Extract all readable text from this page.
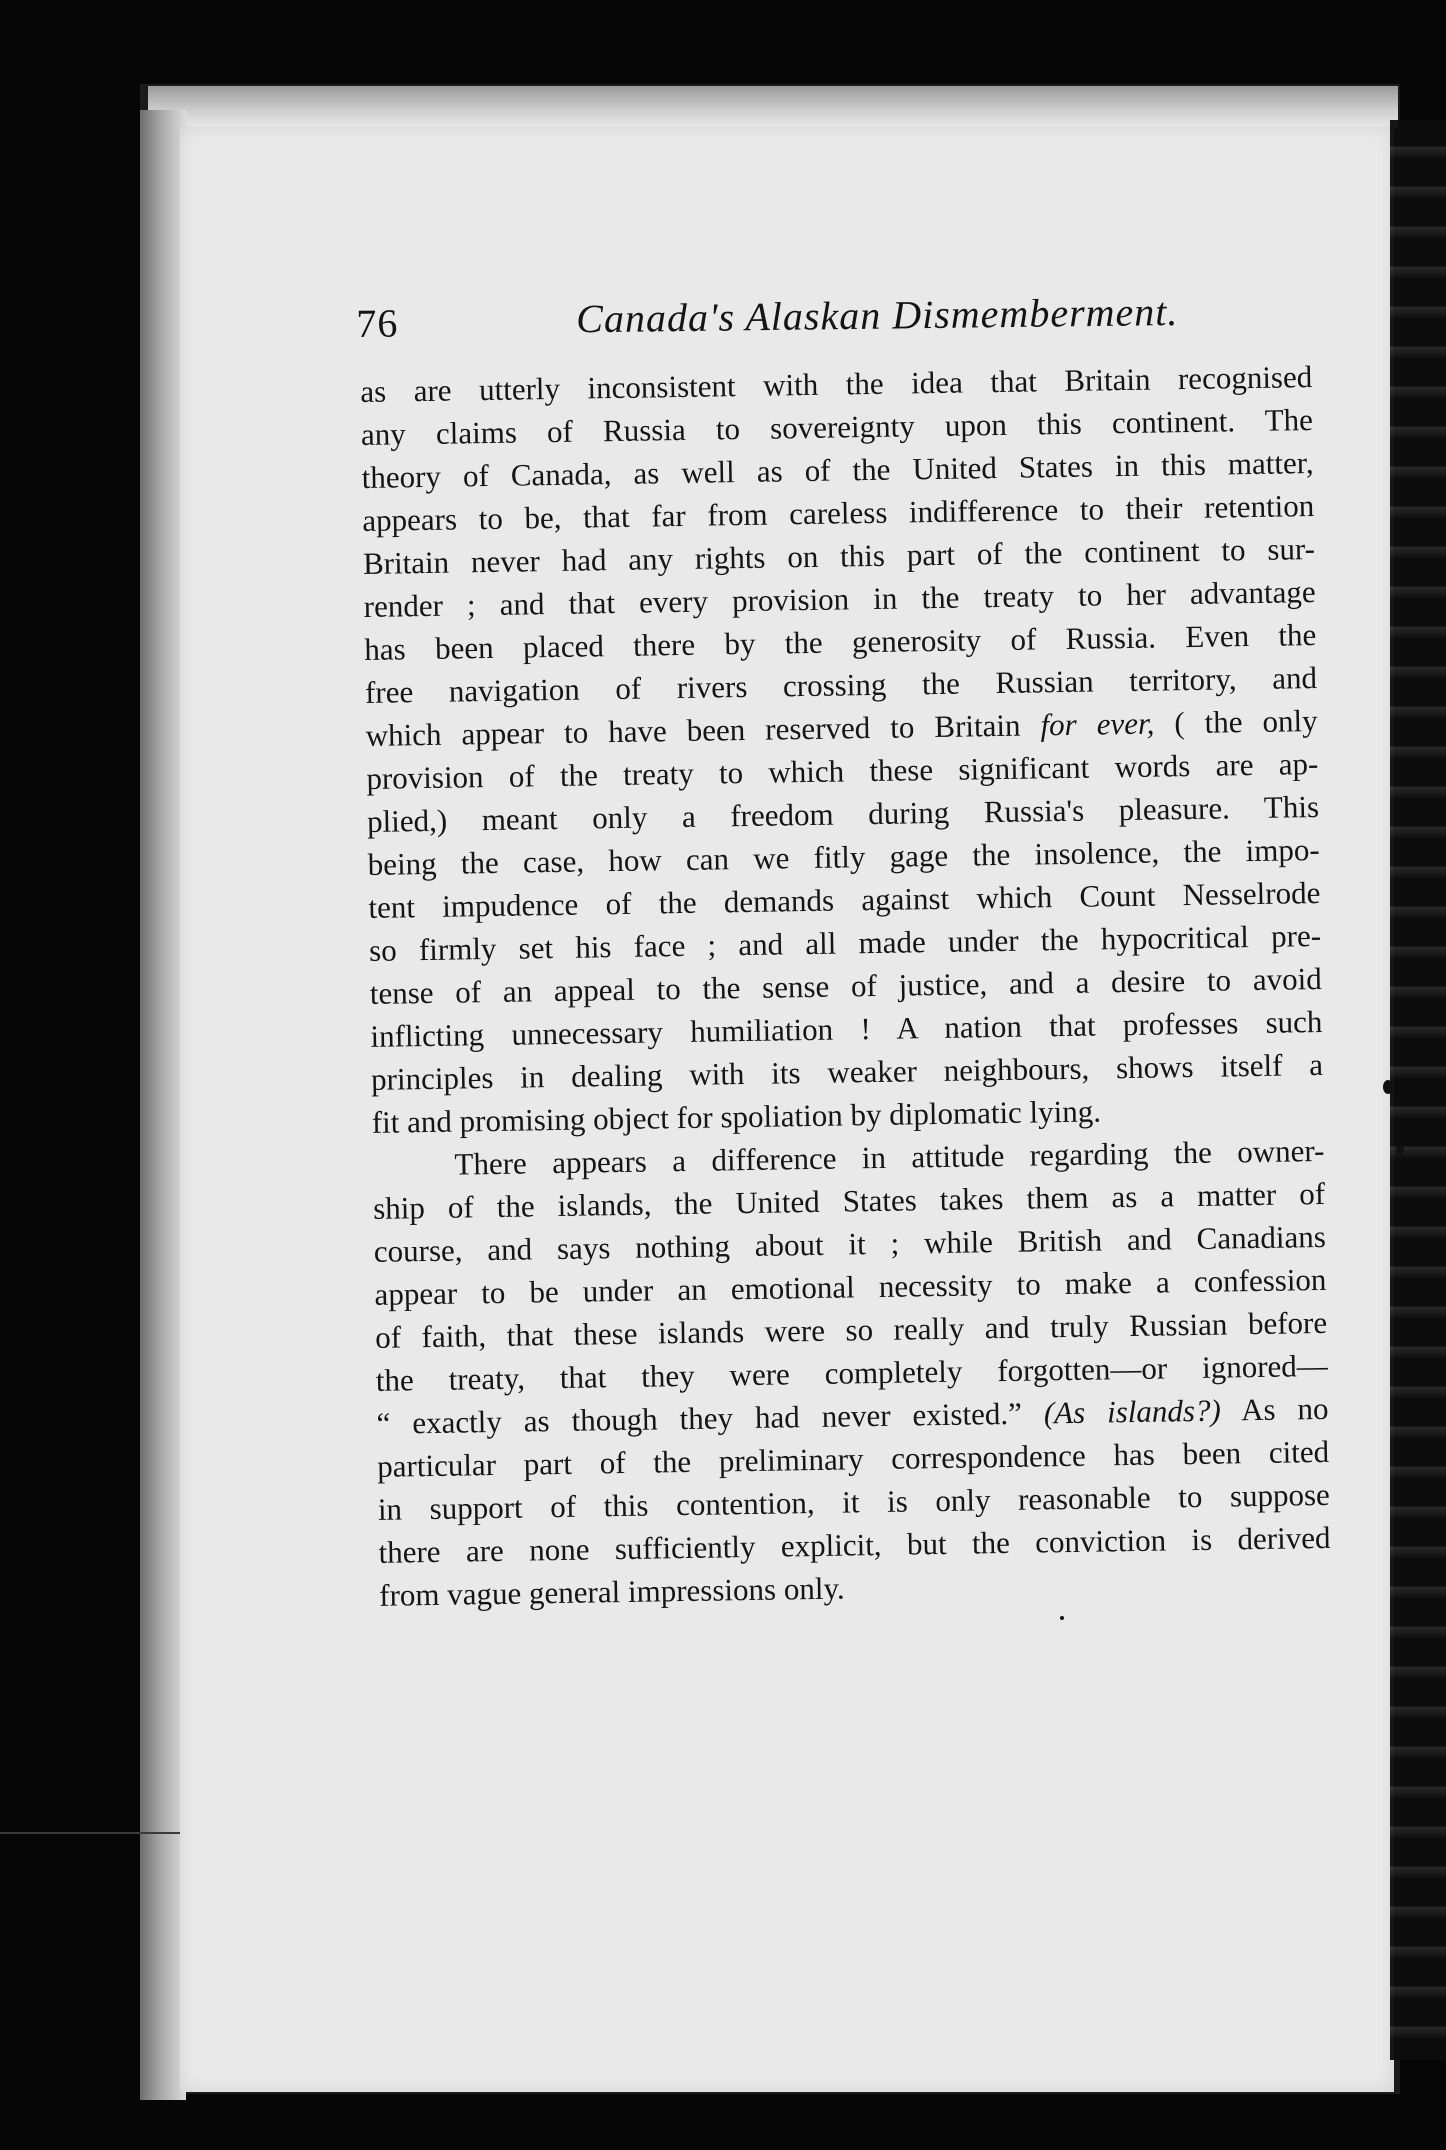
76	Canada's Alaskan Dismemberment.
as are utterly inconsistent with the idea that Britain recognised
any claims of Russia to sovereignty upon this continent. The
theory of Canada, as well as of the United States in this matter,
appears to be, that far from careless indifference to their retention
Britain never had any rights on this part of the continent to sur-
render ; and that every provision in the treaty to her advantage
has been placed there by the generosity of Russia. Even the
free navigation of rivers crossing the Russian territory, and
which appear to have been reserved to Britain for ever, ( the only
provision of the treaty to which these significant words are ap-
plied,) meant only a freedom during Russia's pleasure. This
being the case, how can we fitly gage the insolence, the impo-
tent impudence of the demands against which Count Nesselrode
so firmly set his face ; and all made under the hypocritical pre-
tense of an appeal to the sense of justice, and a desire to avoid
inflicting unnecessary humiliation ! A nation that professes such
principles in dealing with its weaker neighbours, shows itself a
fit and promising object for spoliation by diplomatic lying.
There appears a difference in attitude regarding the owner-
ship of the islands, the United States takes them as a matter of
course, and says nothing about it ; while British and Canadians
appear to be under an emotional necessity to make a confession
of faith, that these islands were so really and truly Russian before
the treaty, that they were completely forgotten—or ignored—
“ exactly as though they had never existed.” (As islands?) As no
particular part of the preliminary correspondence has been cited
in support of this contention, it is only reasonable to suppose
there are none sufficiently explicit, but the conviction is derived
from vague general impressions only.
